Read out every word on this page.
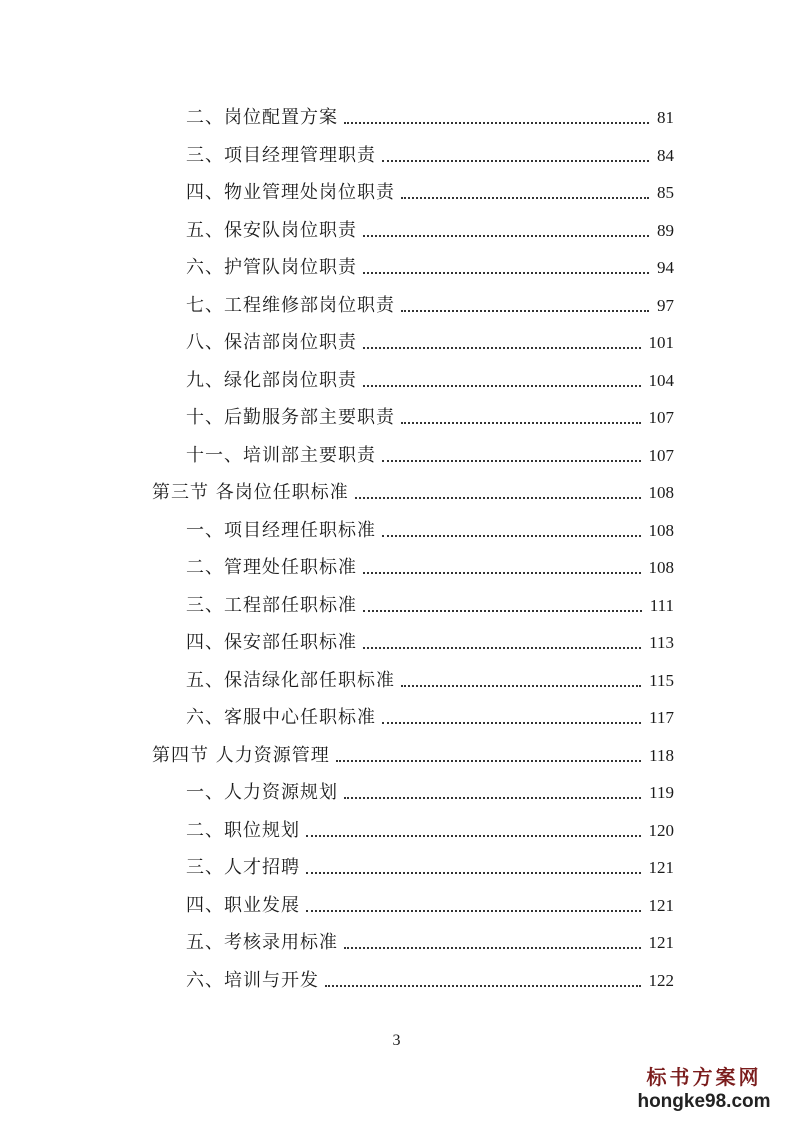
二、岗位配置方案	81
三、项目经理管理职责	84
四、物业管理处岗位职责	85
五、保安队岗位职责	89
六、护管队岗位职责	94
七、工程维修部岗位职责	97
八、保洁部岗位职责	101
九、绿化部岗位职责	104
十、后勤服务部主要职责	107
十一、培训部主要职责	107
第三节 各岗位任职标准	108
一、项目经理任职标准	108
二、管理处任职标准	108
三、工程部任职标准	111
四、保安部任职标准	113
五、保洁绿化部任职标准	115
六、客服中心任职标准	117
第四节 人力资源管理	118
一、人力资源规划	119
二、职位规划	120
三、人才招聘	121
四、职业发展	121
五、考核录用标准	121
六、培训与开发	122
3
标书方案网
hongke98.com
